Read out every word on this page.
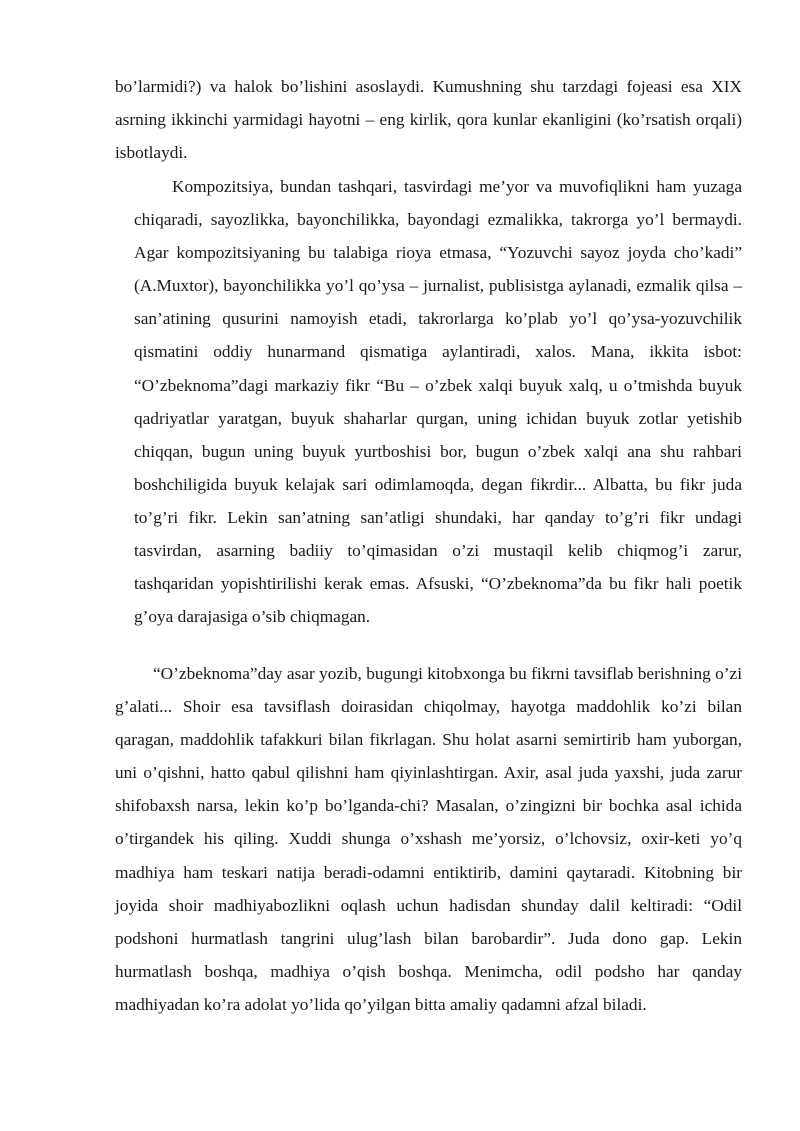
bo’larmidi?) va halok bo’lishini asoslaydi. Kumushning shu tarzdagi fojeasi esa XIX asrning ikkinchi yarmidagi hayotni – eng kirlik, qora kunlar ekanligini (ko’rsatish orqali) isbotlaydi.

Kompozitsiya, bundan tashqari, tasvirdagi me’yor va muvofiqlikni ham yuzaga chiqaradi, sayozlikka, bayonchilikka, bayondagi ezmalikka, takrorga yo’l bermaydi. Agar kompozitsiyaning bu talabiga rioya etmasa, “Yozuvchi sayoz joyda cho’kadi” (A.Muxtor), bayonchilikka yo’l qo’ysa – jurnalist, publisistga aylanadi, ezmalik qilsa – san’atining qusurini namoyish etadi, takrorlarga ko’plab yo’l qo’ysa-yozuvchilik qismatini oddiy hunarmand qismatiga aylantiradi, xalos. Mana, ikkita isbot: “O’zbeknoma”dagi markaziy fikr “Bu – o’zbek xalqi buyuk xalq, u o’tmishda buyuk qadriyatlar yaratgan, buyuk shaharlar qurgan, uning ichidan buyuk zotlar yetishib chiqqan, bugun uning buyuk yurtboshisi bor, bugun o’zbek xalqi ana shu rahbari boshchiligida buyuk kelajak sari odimlamoqda, degan fikrdir... Albatta, bu fikr juda to’g’ri fikr. Lekin san’atning san’atligi shundaki, har qanday to’g’ri fikr undagi tasvirdan, asarning badiiy to’qimasidan o’zi mustaqil kelib chiqmog’i zarur, tashqaridan yopishtirilishi kerak emas. Afsuski, “O’zbeknoma”da bu fikr hali poetik g’oya darajasiga o’sib chiqmagan.

“O’zbeknoma”day asar yozib, bugungi kitobxonga bu fikrni tavsiflab berishning o’zi g’alati... Shoir esa tavsiflash doirasidan chiqolmay, hayotga maddohlik ko’zi bilan qaragan, maddohlik tafakkuri bilan fikrlagan. Shu holat asarni semirtirib ham yuborgan, uni o’qishni, hatto qabul qilishni ham qiyinlashtirgan. Axir, asal juda yaxshi, juda zarur shifobaxsh narsa, lekin ko’p bo’lganda-chi? Masalan, o’zingizni bir bochka asal ichida o’tirgandek his qiling. Xuddi shunga o’xshash me’yorsiz, o’lchovsiz, oxir-keti yo’q madhiya ham teskari natija beradi-odamni entiktirib, damini qaytaradi. Kitobning bir joyida shoir madhiyabozlikni oqlash uchun hadisdan shunday dalil keltiradi: “Odil podshoni hurmatlash tangrini ulug’lash bilan barobardir”. Juda dono gap. Lekin hurmatlash boshqa, madhiya o’qish boshqa. Menimcha, odil podsho har qanday madhiyadan ko’ra adolat yo’lida qo’yilgan bitta amaliy qadamni afzal biladi.
